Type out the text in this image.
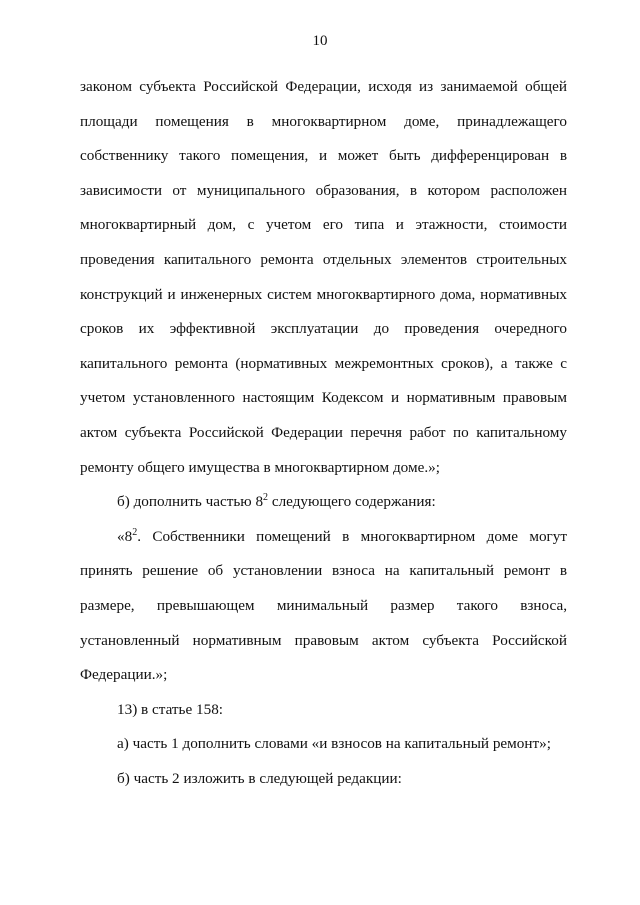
10

законом субъекта Российской Федерации, исходя из занимаемой общей площади помещения в многоквартирном доме, принадлежащего собственнику такого помещения, и может быть дифференцирован в зависимости от муниципального образования, в котором расположен многоквартирный дом, с учетом его типа и этажности, стоимости проведения капитального ремонта отдельных элементов строительных конструкций и инженерных систем многоквартирного дома, нормативных сроков их эффективной эксплуатации до проведения очередного капитального ремонта (нормативных межремонтных сроков), а также с учетом установленного настоящим Кодексом и нормативным правовым актом субъекта Российской Федерации перечня работ по капитальному ремонту общего имущества в многоквартирном доме.»;

б) дополнить частью $8^2$ следующего содержания:

«$8^2$. Собственники помещений в многоквартирном доме могут принять решение об установлении взноса на капитальный ремонт в размере, превышающем минимальный размер такого взноса, установленный нормативным правовым актом субъекта Российской Федерации.»;

13) в статье 158:

а) часть 1 дополнить словами «и взносов на капитальный ремонт»;

б) часть 2 изложить в следующей редакции:
